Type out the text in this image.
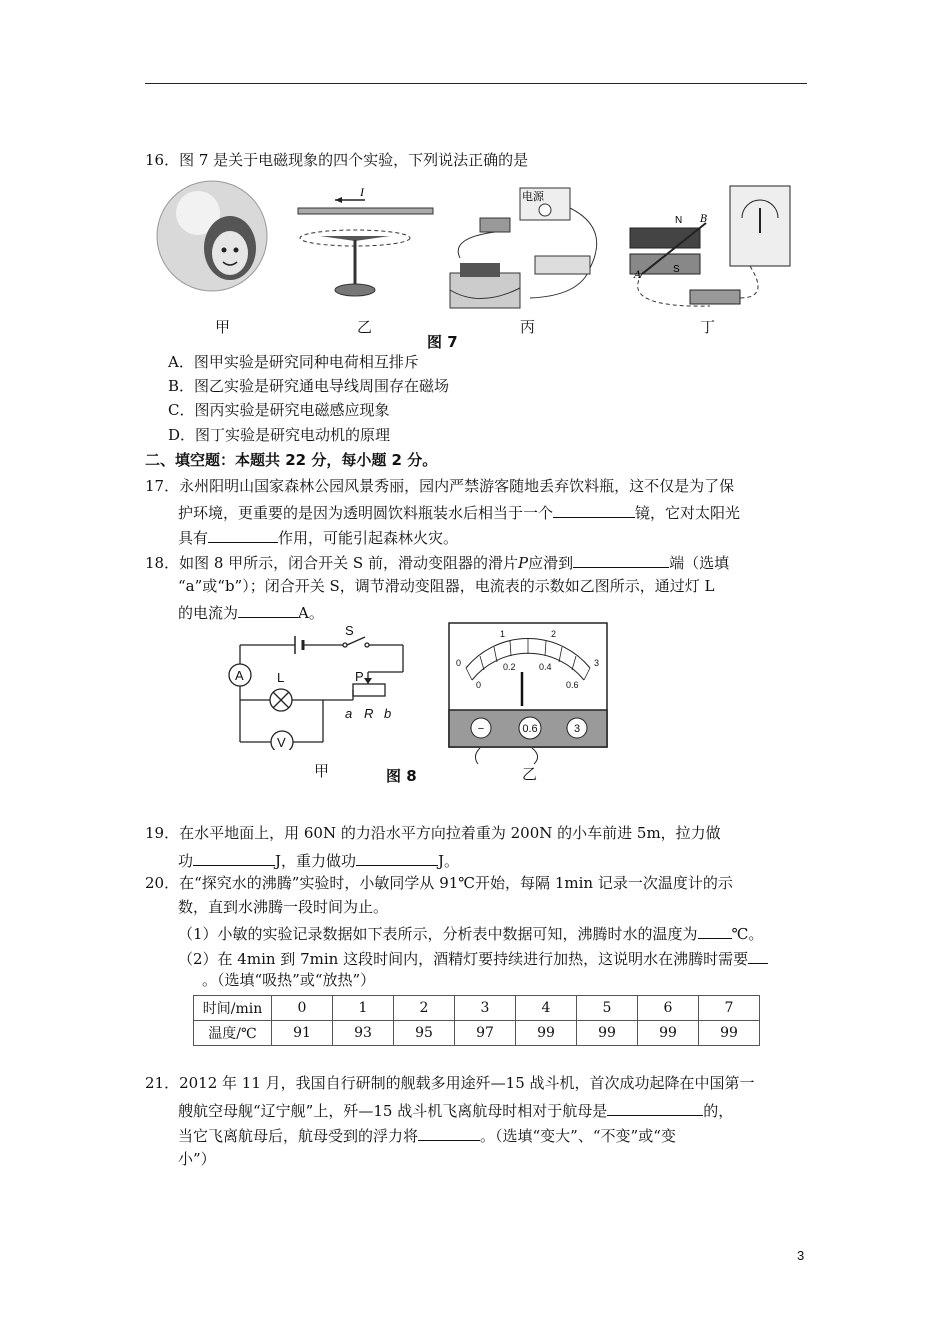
16．图 7 是关于电磁现象的四个实验，下列说法正确的是
I	电源
N
S
A
B
甲	乙	丙	丁
图 7
A．图甲实验是研究同种电荷相互排斥
B．图乙实验是研究通电导线周围存在磁场
C．图丙实验是研究电磁感应现象
D．图丁实验是研究电动机的原理
二、填空题：本题共 22 分，每小题 2 分。
17．永州阳明山国家森林公园风景秀丽，园内严禁游客随地丢弃饮料瓶，这不仅是为了保
护环境，更重要的是因为透明圆饮料瓶装水后相当于一个	镜，它对太阳光
具有	作用，可能引起森林火灾。
18．如图 8 甲所示，闭合开关 S 前，滑动变阻器的滑片P应滑到	端（选填
“a”或“b”）；闭合开关 S，调节滑动变阻器，电流表的示数如乙图所示，通过灯 L
的电流为	A。
S
A	L
V
P
a R b
0
1	2
3
0
0.2	0.4
0.6
−	0.6	3
甲	图 8	乙
19．在水平地面上，用 60N 的力沿水平方向拉着重为 200N 的小车前进 5m，拉力做
功	J，重力做功	J。
20．在“探究水的沸腾”实验时，小敏同学从 91℃开始，每隔 1min 记录一次温度计的示
数，直到水沸腾一段时间为止。
（1）小敏的实验记录数据如下表所示，分析表中数据可知，沸腾时水的温度为 ℃。
（2）在 4min 到 7min 这段时间内，酒精灯要持续进行加热，这说明水在沸腾时需要
。（选填“吸热”或“放热”）
时间/min	0	1	2	3	4	5	6	7
温度/℃	91	93	95	97	99	99	99	99
21．2012 年 11 月，我国自行研制的舰载多用途歼—15 战斗机，首次成功起降在中国第一
艘航空母舰“辽宁舰”上，歼—15 战斗机飞离航母时相对于航母是	的，
当它飞离航母后，航母受到的浮力将	。（选填“变大”、“不变”或“变
小”）
3
